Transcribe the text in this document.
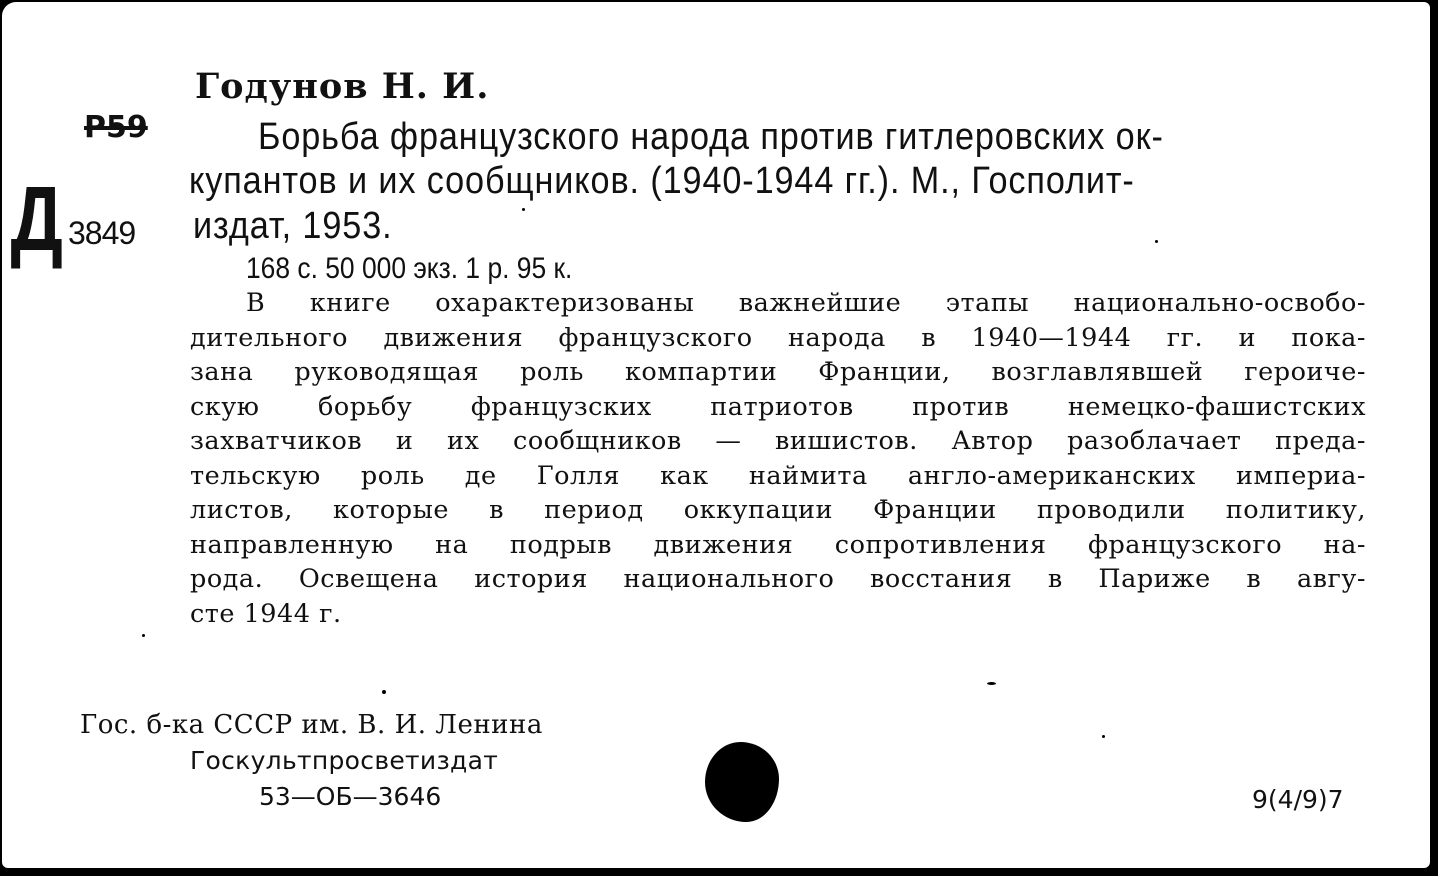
Годунов Н. И.
Р59
Д 3849
Борьба французского народа против гитлеровских ок-
купантов и их сообщников. (1940-1944 гг.). М., Госполит-
издат, 1953.
168 с. 50 000 экз. 1 р. 95 к.
В книге охарактеризованы важнейшие этапы национально-освобо-
дительного движения французского народа в 1940—1944 гг. и пока-
зана руководящая роль компартии Франции, возглавлявшей героиче-
скую борьбу французских патриотов против немецко-фашистских
захватчиков и их сообщников — вишистов. Автор разоблачает преда-
тельскую роль де Голля как наймита англо-американских империа-
листов, которые в период оккупации Франции проводили политику,
направленную на подрыв движения сопротивления французского на-
рода. Освещена история национального восстания в Париже в авгу-
сте 1944 г.
Гос. б-ка СССР им. В. И. Ленина
Госкультпросветиздат
53—ОБ—3646	9(4/9)7
